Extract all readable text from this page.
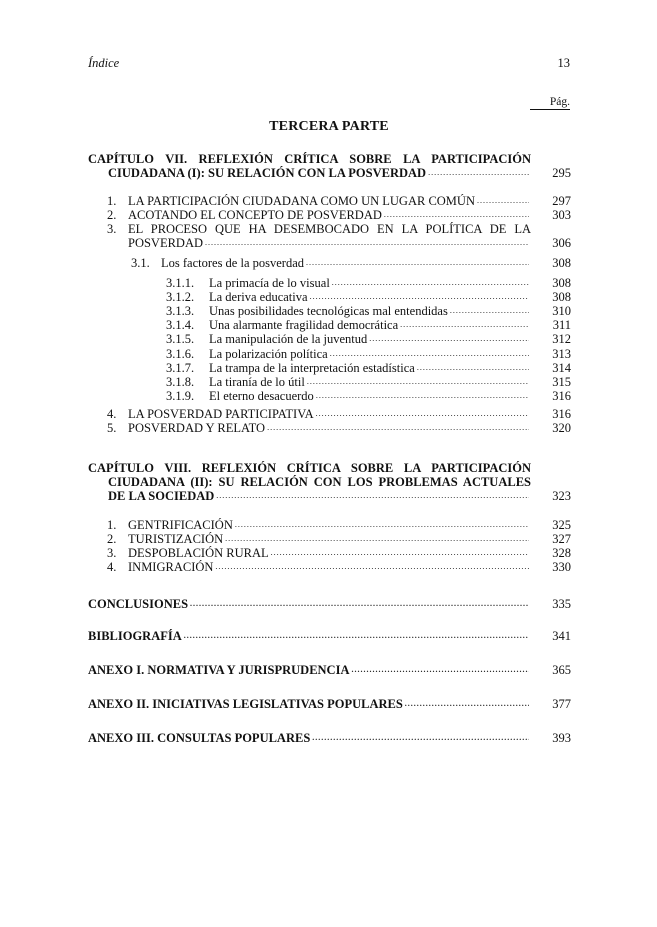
Índice	13
Pág.
TERCERA PARTE
CAPÍTULO VII. REFLEXIÓN CRÍTICA SOBRE LA PARTICIPACIÓN
CIUDADANA (I): SU RELACIÓN CON LA POSVERDAD .....	295
1. LA PARTICIPACIÓN CIUDADANA COMO UN LUGAR COMÚN .....	297
2. ACOTANDO EL CONCEPTO DE POSVERDAD .....	303
3. EL PROCESO QUE HA DESEMBOCADO EN LA POLÍTICA DE LA
POSVERDAD .....	306
3.1. Los factores de la posverdad .....	308
3.1.1. La primacía de lo visual .....	308
3.1.2. La deriva educativa .....	308
3.1.3. Unas posibilidades tecnológicas mal entendidas .....	310
3.1.4. Una alarmante fragilidad democrática .....	311
3.1.5. La manipulación de la juventud .....	312
3.1.6. La polarización política .....	313
3.1.7. La trampa de la interpretación estadística .....	314
3.1.8. La tiranía de lo útil .....	315
3.1.9. El eterno desacuerdo .....	316
4. LA POSVERDAD PARTICIPATIVA .....	316
5. POSVERDAD Y RELATO .....	320
CAPÍTULO VIII. REFLEXIÓN CRÍTICA SOBRE LA PARTICIPACIÓN
CIUDADANA (II): SU RELACIÓN CON LOS PROBLEMAS ACTUALES
DE LA SOCIEDAD .....	323
1. GENTRIFICACIÓN .....	325
2. TURISTIZACIÓN .....	327
3. DESPOBLACIÓN RURAL .....	328
4. INMIGRACIÓN .....	330
CONCLUSIONES .....	335
BIBLIOGRAFÍA .....	341
ANEXO I. NORMATIVA Y JURISPRUDENCIA .....	365
ANEXO II. INICIATIVAS LEGISLATIVAS POPULARES .....	377
ANEXO III. CONSULTAS POPULARES .....	393
